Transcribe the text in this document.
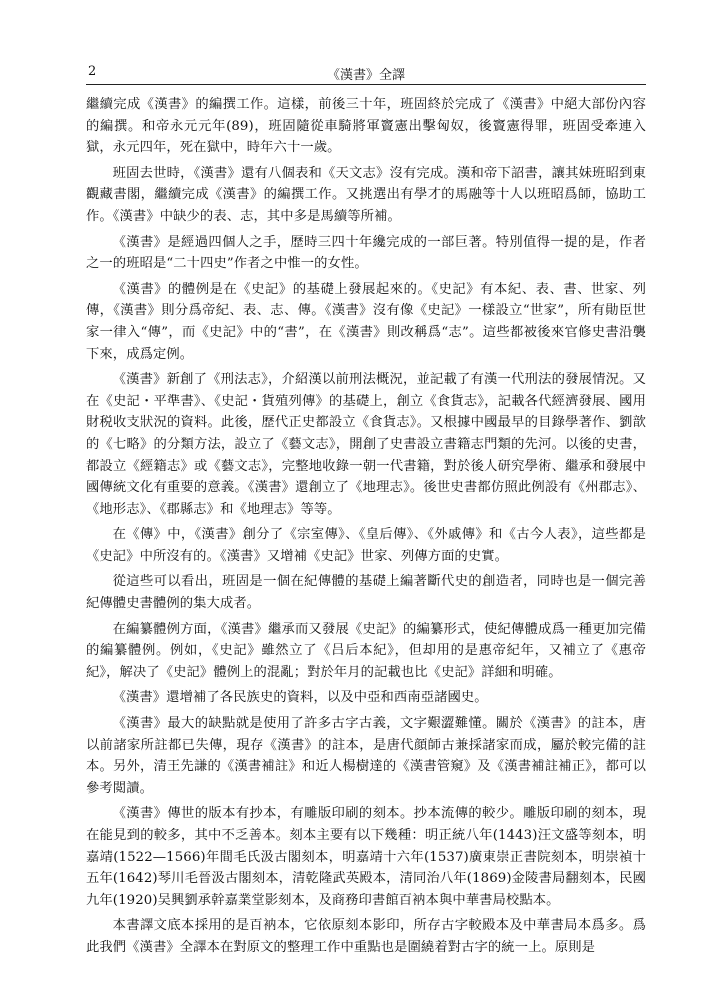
2	《漢書》全譯

繼續完成《漢書》的編撰工作。這樣，前後三十年，班固終於完成了《漢書》中絕大部份內容的編撰。和帝永元元年(89)，班固隨從車騎將軍竇憲出擊匈奴，後竇憲得罪，班固受牽連入獄，永元四年，死在獄中，時年六十一歲。

班固去世時，《漢書》還有八個表和《天文志》沒有完成。漢和帝下詔書，讓其妹班昭到東觀藏書閣，繼續完成《漢書》的編撰工作。又挑選出有學才的馬融等十人以班昭爲師，協助工作。《漢書》中缺少的表、志，其中多是馬續等所補。

《漢書》是經過四個人之手，歷時三四十年纔完成的一部巨著。特別值得一提的是，作者之一的班昭是“二十四史”作者之中惟一的女性。

《漢書》的體例是在《史記》的基礎上發展起來的。《史記》有本紀、表、書、世家、列傳，《漢書》則分爲帝紀、表、志、傳。《漢書》沒有像《史記》一樣設立“世家”，所有勛臣世家一律入“傳”，而《史記》中的“書”，在《漢書》則改稱爲“志”。這些都被後來官修史書沿襲下來，成爲定例。

《漢書》新創了《刑法志》，介紹漢以前刑法概況，並記載了有漢一代刑法的發展情況。又在《史記・平準書》、《史記・貨殖列傳》的基礎上，創立《食貨志》，記載各代經濟發展、國用財税收支狀況的資料。此後，歷代正史都設立《食貨志》。又根據中國最早的目錄學著作、劉歆的《七略》的分類方法，設立了《藝文志》，開創了史書設立書籍志門類的先河。以後的史書，都設立《經籍志》或《藝文志》，完整地收錄一朝一代書籍，對於後人研究學術、繼承和發展中國傳統文化有重要的意義。《漢書》還創立了《地理志》。後世史書都仿照此例設有《州郡志》、《地形志》、《郡縣志》和《地理志》等等。

在《傳》中，《漢書》創分了《宗室傳》、《皇后傳》、《外戚傳》和《古今人表》，這些都是《史記》中所沒有的。《漢書》又增補《史記》世家、列傳方面的史實。

從這些可以看出，班固是一個在紀傳體的基礎上編著斷代史的創造者，同時也是一個完善紀傳體史書體例的集大成者。

在編纂體例方面，《漢書》繼承而又發展《史記》的編纂形式，使紀傳體成爲一種更加完備的編纂體例。例如，《史記》雖然立了《吕后本紀》，但却用的是惠帝紀年，又補立了《惠帝紀》，解决了《史記》體例上的混亂；對於年月的記載也比《史記》詳細和明確。

《漢書》還增補了各民族史的資料，以及中亞和西南亞諸國史。

《漢書》最大的缺點就是使用了許多古字古義，文字艱澀難懂。關於《漢書》的註本，唐以前諸家所註都已失傳，現存《漢書》的註本，是唐代顔師古兼採諸家而成，屬於較完備的註本。另外，清王先謙的《漢書補註》和近人楊樹達的《漢書管窺》及《漢書補註補正》，都可以參考閲讀。

《漢書》傳世的版本有抄本，有雕版印刷的刻本。抄本流傳的較少。雕版印刷的刻本，現在能見到的較多，其中不乏善本。刻本主要有以下幾種：明正統八年(1443)汪文盛等刻本，明嘉靖(1522—1566)年間毛氏汲古閣刻本，明嘉靖十六年(1537)廣東崇正書院刻本，明崇禎十五年(1642)琴川毛晉汲古閣刻本，清乾隆武英殿本，清同治八年(1869)金陵書局翻刻本，民國九年(1920)吴興劉承幹嘉業堂影刻本，及商務印書館百衲本與中華書局校點本。

本書譯文底本採用的是百衲本，它依原刻本影印，所存古字較殿本及中華書局本爲多。爲此我們《漢書》全譯本在對原文的整理工作中重點也是圍繞着對古字的統一上。原則是
